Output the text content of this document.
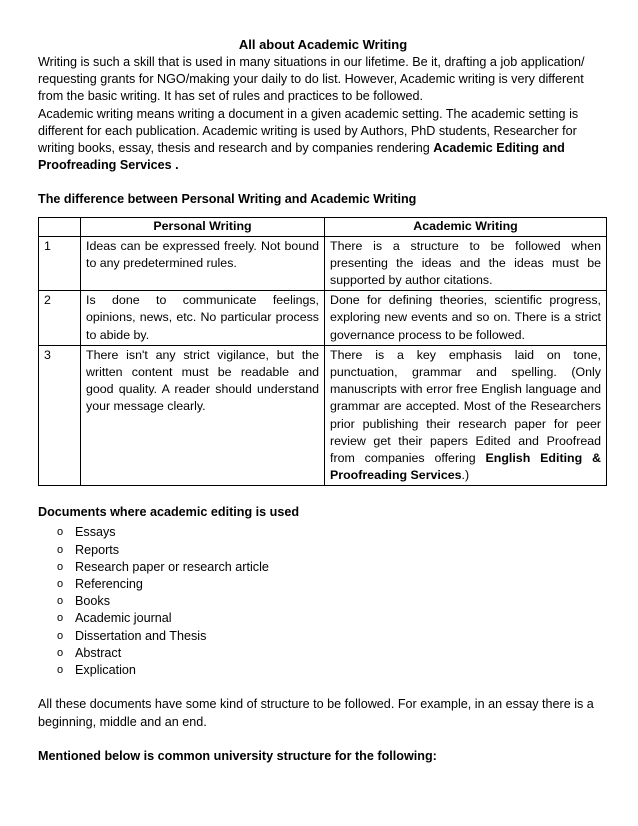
All about Academic Writing

Writing is such a skill that is used in many situations in our lifetime. Be it, drafting a job application/ requesting grants for NGO/making your daily to do list. However, Academic writing is very different from the basic writing. It has set of rules and practices to be followed.

Academic writing means writing a document in a given academic setting. The academic setting is different for each publication. Academic writing is used by Authors, PhD students, Researcher for writing books, essay, thesis and research and by companies rendering Academic Editing and Proofreading Services .

The difference between Personal Writing and Academic Writing
	Personal Writing	Academic Writing
1	Ideas can be expressed freely. Not bound to any predetermined rules.	There is a structure to be followed when presenting the ideas and the ideas must be supported by author citations.
2	Is done to communicate feelings, opinions, news, etc. No particular process to abide by.	Done for defining theories, scientific progress, exploring new events and so on. There is a strict governance process to be followed.
3	There isn't any strict vigilance, but the written content must be readable and good quality. A reader should understand your message clearly.	There is a key emphasis laid on tone, punctuation, grammar and spelling. (Only manuscripts with error free English language and grammar are accepted. Most of the Researchers prior publishing their research paper for peer review get their papers Edited and Proofread from companies offering English Editing & Proofreading Services.)
Documents where academic editing is used
o Essays
o Reports
o Research paper or research article
o Referencing
o Books
o Academic journal
o Dissertation and Thesis
o Abstract
o Explication

All these documents have some kind of structure to be followed. For example, in an essay there is a beginning, middle and an end.

Mentioned below is common university structure for the following:
